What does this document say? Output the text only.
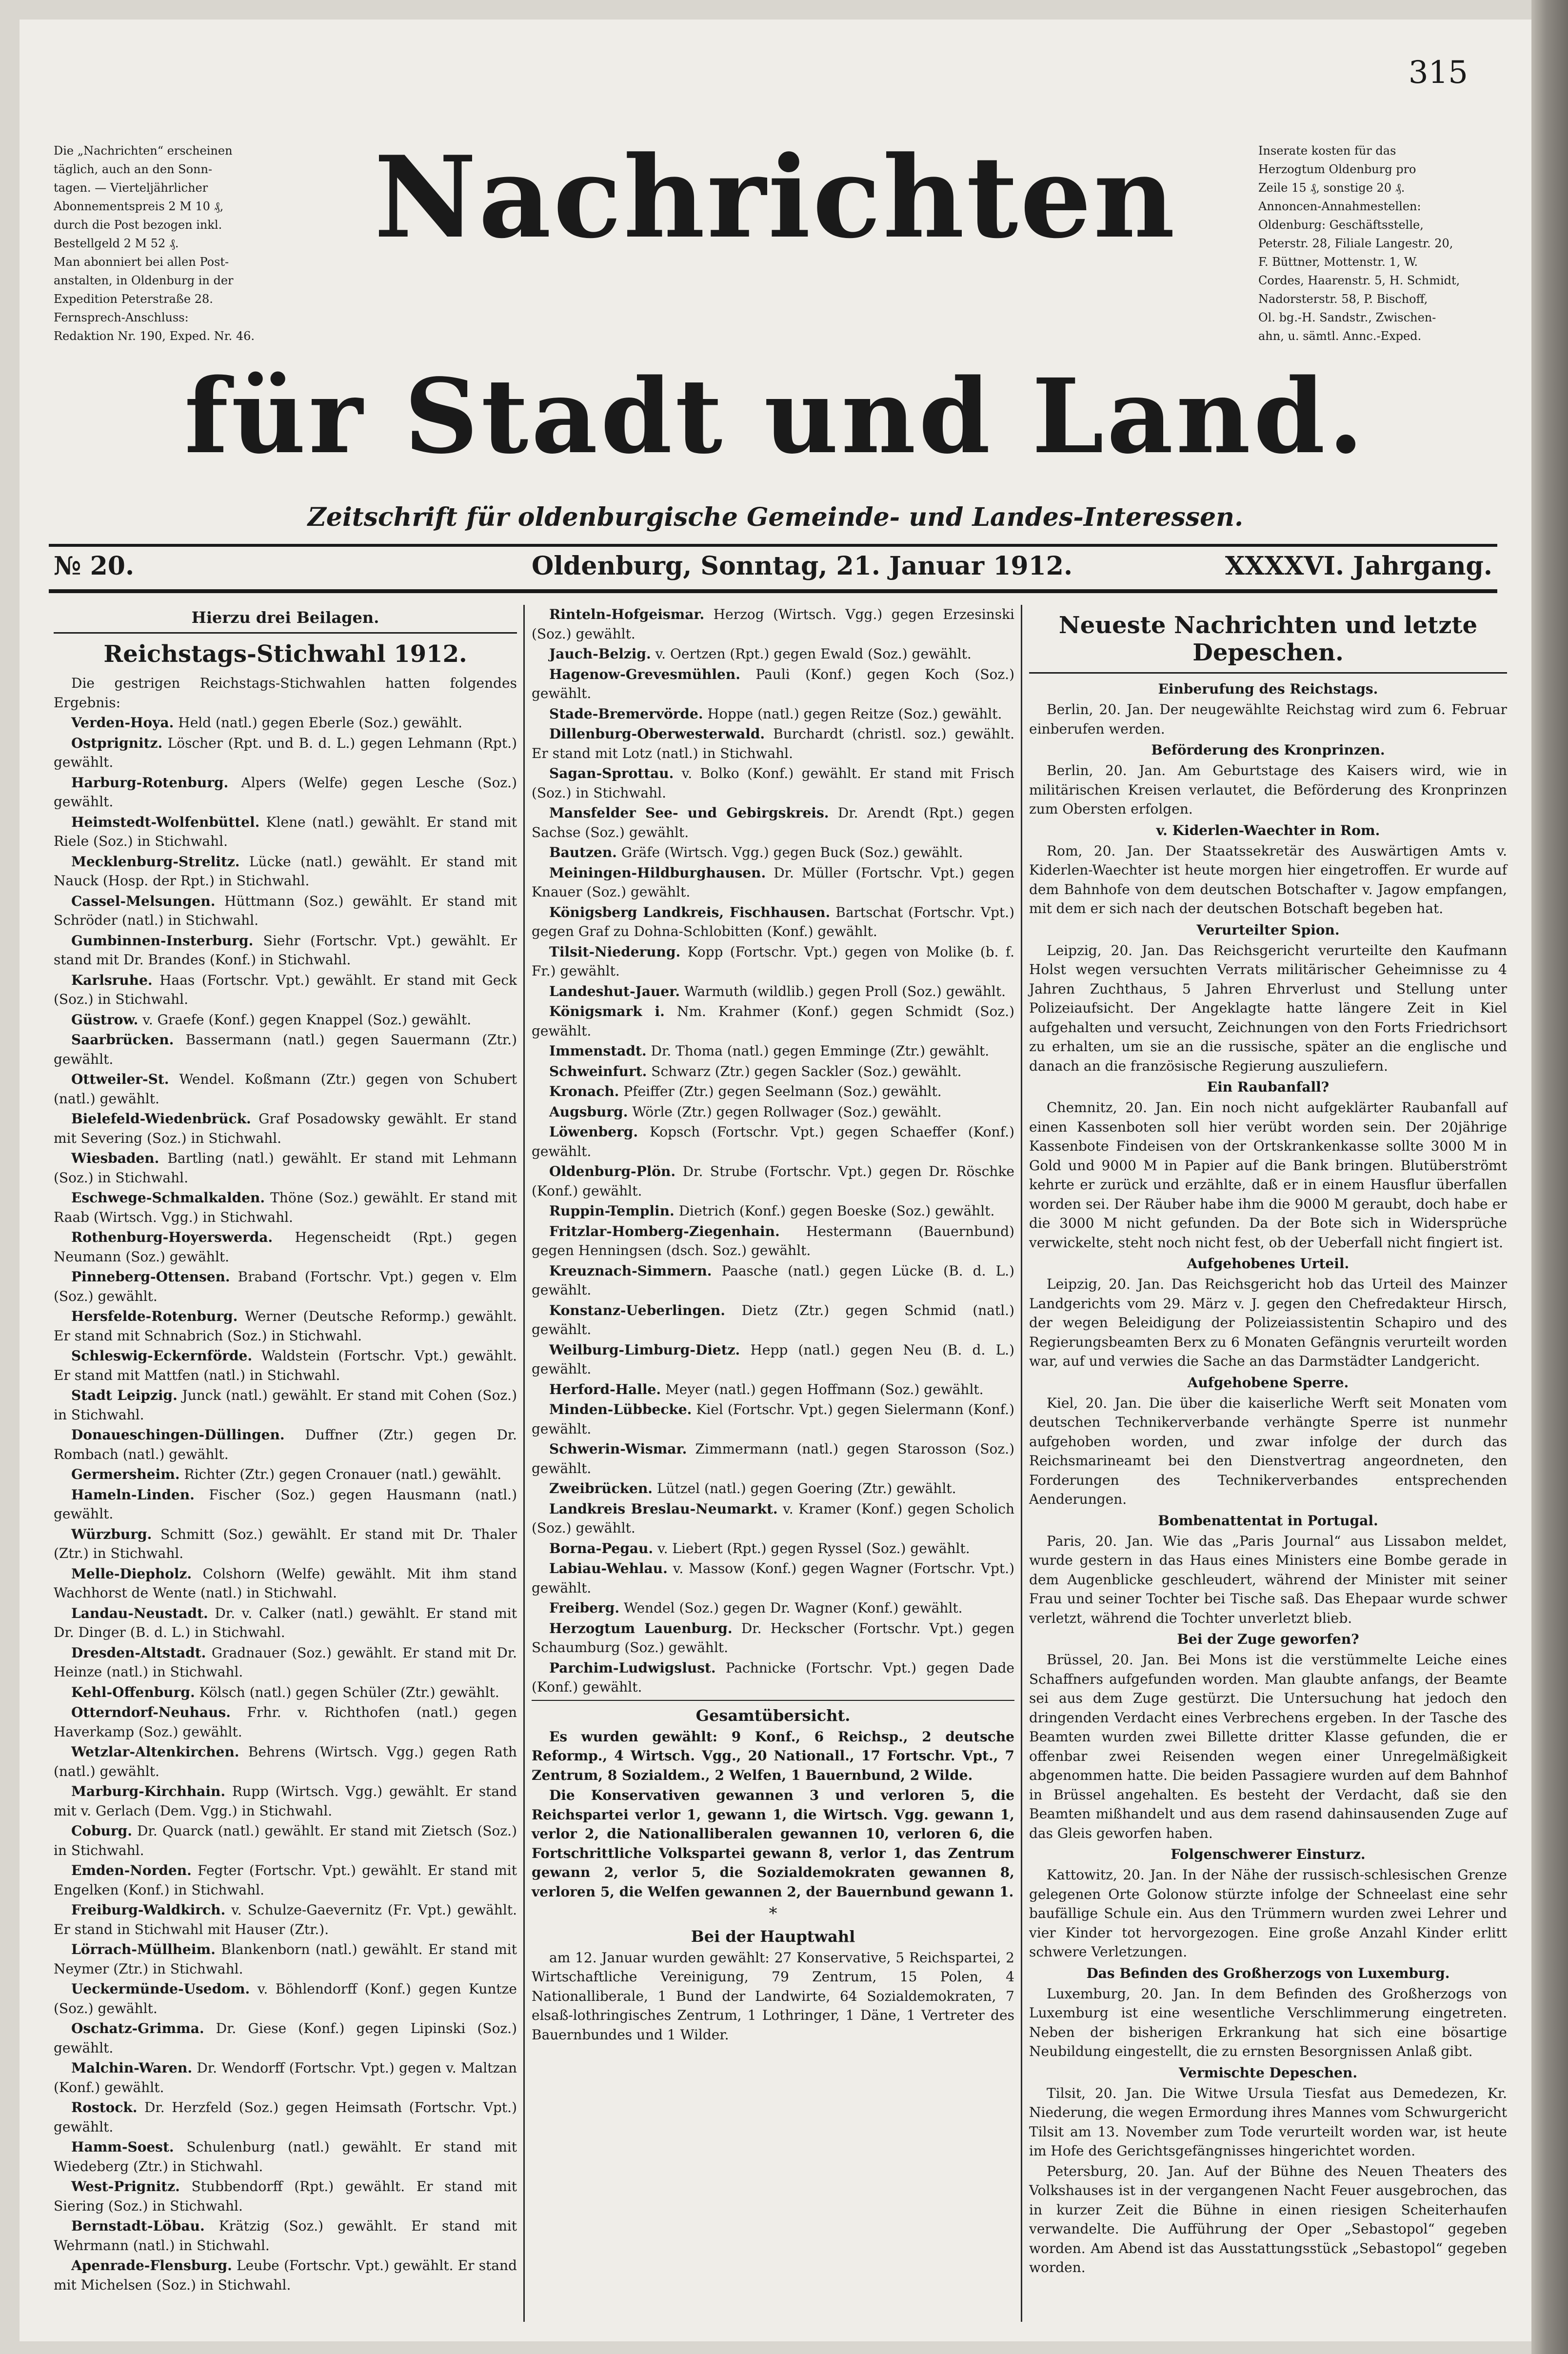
315
Die „Nachrichten“ erscheinen
täglich, auch an den Sonn-
tagen. — Vierteljährlicher
Abonnementspreis 2 M 10 ₰,
durch die Post bezogen inkl.
Bestellgeld 2 M 52 ₰.
Man abonniert bei allen Post-
anstalten, in Oldenburg in der
Expedition Peterstraße 28.
Fernsprech-Anschluss:
Redaktion Nr. 190, Exped. Nr. 46.
Inserate kosten für das
Herzogtum Oldenburg pro
Zeile 15 ₰, sonstige 20 ₰.
Annoncen-Annahmestellen:
Oldenburg: Geschäftsstelle,
Peterstr. 28, Filiale Langestr. 20,
F. Büttner, Mottenstr. 1, W.
Cordes, Haarenstr. 5, H. Schmidt,
Nadorsterstr. 58, P. Bischoff,
Ol. bg.-H. Sandstr., Zwischen-
ahn, u. sämtl. Annc.-Exped.
Nachrichten
für Stadt und Land.
Zeitschrift für oldenburgische Gemeinde- und Landes-Interessen.
№ 20.	Oldenburg, Sonntag, 21. Januar 1912.	XXXXVI. Jahrgang.
Hierzu drei Beilagen.
Reichstags-Stichwahl 1912.

Die gestrigen Reichstags-Stichwahlen hatten folgendes Ergebnis:

Verden-Hoya. Held (natl.) gegen Eberle (Soz.) gewählt.

Ostprignitz. Löscher (Rpt. und B. d. L.) gegen Lehmann (Rpt.) gewählt.

Harburg-Rotenburg. Alpers (Welfe) gegen Lesche (Soz.) gewählt.

Heimstedt-Wolfenbüttel. Klene (natl.) gewählt. Er stand mit Riele (Soz.) in Stichwahl.

Mecklenburg-Strelitz. Lücke (natl.) gewählt. Er stand mit Nauck (Hosp. der Rpt.) in Stichwahl.

Cassel-Melsungen. Hüttmann (Soz.) gewählt. Er stand mit Schröder (natl.) in Stichwahl.

Gumbinnen-Insterburg. Siehr (Fortschr. Vpt.) gewählt. Er stand mit Dr. Brandes (Konf.) in Stichwahl.

Karlsruhe. Haas (Fortschr. Vpt.) gewählt. Er stand mit Geck (Soz.) in Stichwahl.

Güstrow. v. Graefe (Konf.) gegen Knappel (Soz.) gewählt.

Saarbrücken. Bassermann (natl.) gegen Sauermann (Ztr.) gewählt.

Ottweiler-St. Wendel. Koßmann (Ztr.) gegen von Schubert (natl.) gewählt.

Bielefeld-Wiedenbrück. Graf Posadowsky gewählt. Er stand mit Severing (Soz.) in Stichwahl.

Wiesbaden. Bartling (natl.) gewählt. Er stand mit Lehmann (Soz.) in Stichwahl.

Eschwege-Schmalkalden. Thöne (Soz.) gewählt. Er stand mit Raab (Wirtsch. Vgg.) in Stichwahl.

Rothenburg-Hoyerswerda. Hegenscheidt (Rpt.) gegen Neumann (Soz.) gewählt.

Pinneberg-Ottensen. Braband (Fortschr. Vpt.) gegen v. Elm (Soz.) gewählt.

Hersfelde-Rotenburg. Werner (Deutsche Reformp.) gewählt. Er stand mit Schnabrich (Soz.) in Stichwahl.

Schleswig-Eckernförde. Waldstein (Fortschr. Vpt.) gewählt. Er stand mit Mattfen (natl.) in Stichwahl.

Stadt Leipzig. Junck (natl.) gewählt. Er stand mit Cohen (Soz.) in Stichwahl.

Donaueschingen-Düllingen. Duffner (Ztr.) gegen Dr. Rombach (natl.) gewählt.

Germersheim. Richter (Ztr.) gegen Cronauer (natl.) gewählt.

Hameln-Linden. Fischer (Soz.) gegen Hausmann (natl.) gewählt.

Würzburg. Schmitt (Soz.) gewählt. Er stand mit Dr. Thaler (Ztr.) in Stichwahl.

Melle-Diepholz. Colshorn (Welfe) gewählt. Mit ihm stand Wachhorst de Wente (natl.) in Stichwahl.

Landau-Neustadt. Dr. v. Calker (natl.) gewählt. Er stand mit Dr. Dinger (B. d. L.) in Stichwahl.

Dresden-Altstadt. Gradnauer (Soz.) gewählt. Er stand mit Dr. Heinze (natl.) in Stichwahl.

Kehl-Offenburg. Kölsch (natl.) gegen Schüler (Ztr.) gewählt.

Otterndorf-Neuhaus. Frhr. v. Richthofen (natl.) gegen Haverkamp (Soz.) gewählt.

Wetzlar-Altenkirchen. Behrens (Wirtsch. Vgg.) gegen Rath (natl.) gewählt.

Marburg-Kirchhain. Rupp (Wirtsch. Vgg.) gewählt. Er stand mit v. Gerlach (Dem. Vgg.) in Stichwahl.

Coburg. Dr. Quarck (natl.) gewählt. Er stand mit Zietsch (Soz.) in Stichwahl.

Emden-Norden. Fegter (Fortschr. Vpt.) gewählt. Er stand mit Engelken (Konf.) in Stichwahl.

Freiburg-Waldkirch. v. Schulze-Gaevernitz (Fr. Vpt.) gewählt. Er stand in Stichwahl mit Hauser (Ztr.).

Lörrach-Müllheim. Blankenborn (natl.) gewählt. Er stand mit Neymer (Ztr.) in Stichwahl.

Ueckermünde-Usedom. v. Böhlendorff (Konf.) gegen Kuntze (Soz.) gewählt.

Oschatz-Grimma. Dr. Giese (Konf.) gegen Lipinski (Soz.) gewählt.

Malchin-Waren. Dr. Wendorff (Fortschr. Vpt.) gegen v. Maltzan (Konf.) gewählt.

Rostock. Dr. Herzfeld (Soz.) gegen Heimsath (Fortschr. Vpt.) gewählt.

Hamm-Soest. Schulenburg (natl.) gewählt. Er stand mit Wiedeberg (Ztr.) in Stichwahl.

West-Prignitz. Stubbendorff (Rpt.) gewählt. Er stand mit Siering (Soz.) in Stichwahl.

Bernstadt-Löbau. Krätzig (Soz.) gewählt. Er stand mit Wehrmann (natl.) in Stichwahl.

Apenrade-Flensburg. Leube (Fortschr. Vpt.) gewählt. Er stand mit Michelsen (Soz.) in Stichwahl.

Rinteln-Hofgeismar. Herzog (Wirtsch. Vgg.) gegen Erzesinski (Soz.) gewählt.

Jauch-Belzig. v. Oertzen (Rpt.) gegen Ewald (Soz.) gewählt.

Hagenow-Grevesmühlen. Pauli (Konf.) gegen Koch (Soz.) gewählt.

Stade-Bremervörde. Hoppe (natl.) gegen Reitze (Soz.) gewählt.

Dillenburg-Oberwesterwald. Burchardt (christl. soz.) gewählt. Er stand mit Lotz (natl.) in Stichwahl.

Sagan-Sprottau. v. Bolko (Konf.) gewählt. Er stand mit Frisch (Soz.) in Stichwahl.

Mansfelder See- und Gebirgskreis. Dr. Arendt (Rpt.) gegen Sachse (Soz.) gewählt.

Bautzen. Gräfe (Wirtsch. Vgg.) gegen Buck (Soz.) gewählt.

Meiningen-Hildburghausen. Dr. Müller (Fortschr. Vpt.) gegen Knauer (Soz.) gewählt.

Königsberg Landkreis, Fischhausen. Bartschat (Fortschr. Vpt.) gegen Graf zu Dohna-Schlobitten (Konf.) gewählt.

Tilsit-Niederung. Kopp (Fortschr. Vpt.) gegen von Molike (b. f. Fr.) gewählt.

Landeshut-Jauer. Warmuth (wildlib.) gegen Proll (Soz.) gewählt.

Königsmark i. Nm. Krahmer (Konf.) gegen Schmidt (Soz.) gewählt.

Immenstadt. Dr. Thoma (natl.) gegen Emminge (Ztr.) gewählt.

Schweinfurt. Schwarz (Ztr.) gegen Sackler (Soz.) gewählt.

Kronach. Pfeiffer (Ztr.) gegen Seelmann (Soz.) gewählt.

Augsburg. Wörle (Ztr.) gegen Rollwager (Soz.) gewählt.

Löwenberg. Kopsch (Fortschr. Vpt.) gegen Schaeffer (Konf.) gewählt.

Oldenburg-Plön. Dr. Strube (Fortschr. Vpt.) gegen Dr. Röschke (Konf.) gewählt.

Ruppin-Templin. Dietrich (Konf.) gegen Boeske (Soz.) gewählt.

Fritzlar-Homberg-Ziegenhain. Hestermann (Bauernbund) gegen Henningsen (dsch. Soz.) gewählt.

Kreuznach-Simmern. Paasche (natl.) gegen Lücke (B. d. L.) gewählt.

Konstanz-Ueberlingen. Dietz (Ztr.) gegen Schmid (natl.) gewählt.

Weilburg-Limburg-Dietz. Hepp (natl.) gegen Neu (B. d. L.) gewählt.

Herford-Halle. Meyer (natl.) gegen Hoffmann (Soz.) gewählt.

Minden-Lübbecke. Kiel (Fortschr. Vpt.) gegen Sielermann (Konf.) gewählt.

Schwerin-Wismar. Zimmermann (natl.) gegen Starosson (Soz.) gewählt.

Zweibrücken. Lützel (natl.) gegen Goering (Ztr.) gewählt.

Landkreis Breslau-Neumarkt. v. Kramer (Konf.) gegen Scholich (Soz.) gewählt.

Borna-Pegau. v. Liebert (Rpt.) gegen Ryssel (Soz.) gewählt.

Labiau-Wehlau. v. Massow (Konf.) gegen Wagner (Fortschr. Vpt.) gewählt.

Freiberg. Wendel (Soz.) gegen Dr. Wagner (Konf.) gewählt.

Herzogtum Lauenburg. Dr. Heckscher (Fortschr. Vpt.) gegen Schaumburg (Soz.) gewählt.

Parchim-Ludwigslust. Pachnicke (Fortschr. Vpt.) gegen Dade (Konf.) gewählt.

Gesamtübersicht.

Es wurden gewählt: 9 Konf., 6 Reichsp., 2 deutsche Reformp., 4 Wirtsch. Vgg., 20 Nationall., 17 Fortschr. Vpt., 7 Zentrum, 8 Sozialdem., 2 Welfen, 1 Bauernbund, 2 Wilde.

Die Konservativen gewannen 3 und verloren 5, die Reichspartei verlor 1, gewann 1, die Wirtsch. Vgg. gewann 1, verlor 2, die Nationalliberalen gewannen 10, verloren 6, die Fortschrittliche Volkspartei gewann 8, verlor 1, das Zentrum gewann 2, verlor 5, die Sozialdemokraten gewannen 8, verloren 5, die Welfen gewannen 2, der Bauernbund gewann 1.

*
Bei der Hauptwahl

am 12. Januar wurden gewählt: 27 Konservative, 5 Reichspartei, 2 Wirtschaftliche Vereinigung, 79 Zentrum, 15 Polen, 4 Nationalliberale, 1 Bund der Landwirte, 64 Sozialdemokraten, 7 elsaß-lothringisches Zentrum, 1 Lothringer, 1 Däne, 1 Vertreter des Bauernbundes und 1 Wilder.

Neueste Nachrichten und letzte Depeschen.
Einberufung des Reichstags.

Berlin, 20. Jan. Der neugewählte Reichstag wird zum 6. Februar einberufen werden.

Beförderung des Kronprinzen.

Berlin, 20. Jan. Am Geburtstage des Kaisers wird, wie in militärischen Kreisen verlautet, die Beförderung des Kronprinzen zum Obersten erfolgen.

v. Kiderlen-Waechter in Rom.

Rom, 20. Jan. Der Staatssekretär des Auswärtigen Amts v. Kiderlen-Waechter ist heute morgen hier eingetroffen. Er wurde auf dem Bahnhofe von dem deutschen Botschafter v. Jagow empfangen, mit dem er sich nach der deutschen Botschaft begeben hat.

Verurteilter Spion.

Leipzig, 20. Jan. Das Reichsgericht verurteilte den Kaufmann Holst wegen versuchten Verrats militärischer Geheimnisse zu 4 Jahren Zuchthaus, 5 Jahren Ehrverlust und Stellung unter Polizeiaufsicht. Der Angeklagte hatte längere Zeit in Kiel aufgehalten und versucht, Zeichnungen von den Forts Friedrichsort zu erhalten, um sie an die russische, später an die englische und danach an die französische Regierung auszuliefern.

Ein Raubanfall?

Chemnitz, 20. Jan. Ein noch nicht aufgeklärter Raubanfall auf einen Kassenboten soll hier verübt worden sein. Der 20jährige Kassenbote Findeisen von der Ortskrankenkasse sollte 3000 M in Gold und 9000 M in Papier auf die Bank bringen. Blutüberströmt kehrte er zurück und erzählte, daß er in einem Hausflur überfallen worden sei. Der Räuber habe ihm die 9000 M geraubt, doch habe er die 3000 M nicht gefunden. Da der Bote sich in Widersprüche verwickelte, steht noch nicht fest, ob der Ueberfall nicht fingiert ist.

Aufgehobenes Urteil.

Leipzig, 20. Jan. Das Reichsgericht hob das Urteil des Mainzer Landgerichts vom 29. März v. J. gegen den Chefredakteur Hirsch, der wegen Beleidigung der Polizeiassistentin Schapiro und des Regierungsbeamten Berx zu 6 Monaten Gefängnis verurteilt worden war, auf und verwies die Sache an das Darmstädter Landgericht.

Aufgehobene Sperre.

Kiel, 20. Jan. Die über die kaiserliche Werft seit Monaten vom deutschen Technikerverbande verhängte Sperre ist nunmehr aufgehoben worden, und zwar infolge der durch das Reichsmarineamt bei den Dienstvertrag angeordneten, den Forderungen des Technikerverbandes entsprechenden Aenderungen.

Bombenattentat in Portugal.

Paris, 20. Jan. Wie das „Paris Journal“ aus Lissabon meldet, wurde gestern in das Haus eines Ministers eine Bombe gerade in dem Augenblicke geschleudert, während der Minister mit seiner Frau und seiner Tochter bei Tische saß. Das Ehepaar wurde schwer verletzt, während die Tochter unverletzt blieb.

Bei der Zuge geworfen?

Brüssel, 20. Jan. Bei Mons ist die verstümmelte Leiche eines Schaffners aufgefunden worden. Man glaubte anfangs, der Beamte sei aus dem Zuge gestürzt. Die Untersuchung hat jedoch den dringenden Verdacht eines Verbrechens ergeben. In der Tasche des Beamten wurden zwei Billette dritter Klasse gefunden, die er offenbar zwei Reisenden wegen einer Unregelmäßigkeit abgenommen hatte. Die beiden Passagiere wurden auf dem Bahnhof in Brüssel angehalten. Es besteht der Verdacht, daß sie den Beamten mißhandelt und aus dem rasend dahinsausenden Zuge auf das Gleis geworfen haben.

Folgenschwerer Einsturz.

Kattowitz, 20. Jan. In der Nähe der russisch-schlesischen Grenze gelegenen Orte Golonow stürzte infolge der Schneelast eine sehr baufällige Schule ein. Aus den Trümmern wurden zwei Lehrer und vier Kinder tot hervorgezogen. Eine große Anzahl Kinder erlitt schwere Verletzungen.

Das Befinden des Großherzogs von Luxemburg.

Luxemburg, 20. Jan. In dem Befinden des Großherzogs von Luxemburg ist eine wesentliche Verschlimmerung eingetreten. Neben der bisherigen Erkrankung hat sich eine bösartige Neubildung eingestellt, die zu ernsten Besorgnissen Anlaß gibt.

Vermischte Depeschen.

Tilsit, 20. Jan. Die Witwe Ursula Tiesfat aus Demedezen, Kr. Niederung, die wegen Ermordung ihres Mannes vom Schwurgericht Tilsit am 13. November zum Tode verurteilt worden war, ist heute im Hofe des Gerichtsgefängnisses hingerichtet worden.

Petersburg, 20. Jan. Auf der Bühne des Neuen Theaters des Volkshauses ist in der vergangenen Nacht Feuer ausgebrochen, das in kurzer Zeit die Bühne in einen riesigen Scheiterhaufen verwandelte. Die Aufführung der Oper „Sebastopol“ gegeben worden. Am Abend ist das Ausstattungsstück „Sebastopol“ gegeben worden.
